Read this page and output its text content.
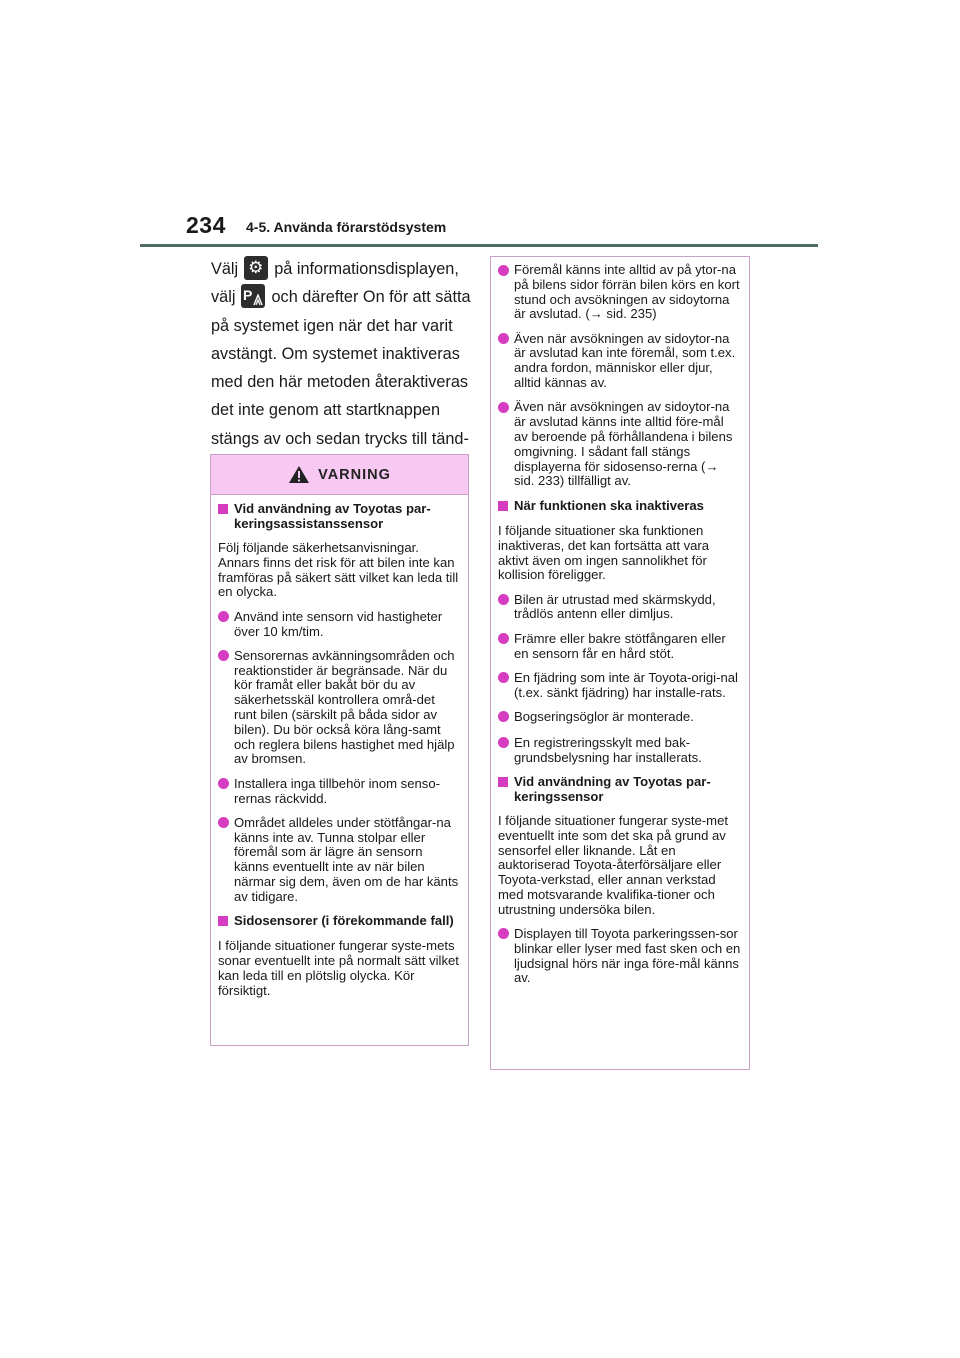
234 4-5. Använda förarstödsystem
Välj ⚙ på informationsdisplayen, välj P och därefter On för att sätta på systemet igen när det har varit avstängt. Om systemet inaktiveras med den här metoden återaktiveras det inte genom att startknappen stängs av och sedan trycks till tänd-
VARNING
Vid användning av Toyotas par-keringsassistanssensor
Följ följande säkerhetsanvisningar. Annars finns det risk för att bilen inte kan framföras på säkert sätt vilket kan leda till en olycka.
Använd inte sensorn vid hastigheter över 10 km/tim.
Sensorernas avkänningsområden och reaktionstider är begränsade. När du kör framåt eller bakåt bör du av säkerhetsskäl kontrollera områ-det runt bilen (särskilt på båda sidor av bilen). Du bör också köra lång-samt och reglera bilens hastighet med hjälp av bromsen.
Installera inga tillbehör inom senso-rernas räckvidd.
Området alldeles under stötfångar-na känns inte av. Tunna stolpar eller föremål som är lägre än sensorn känns eventuellt inte av när bilen närmar sig dem, även om de har känts av tidigare.
Sidosensorer (i förekommande fall)
I följande situationer fungerar syste-mets sonar eventuellt inte på normalt sätt vilket kan leda till en plötslig olycka. Kör försiktigt.
Föremål känns inte alltid av på ytor-na på bilens sidor förrän bilen körs en kort stund och avsökningen av sidoytorna är avslutad. (→ sid. 235)
Även när avsökningen av sidoytor-na är avslutad kan inte föremål, som t.ex. andra fordon, människor eller djur, alltid kännas av.
Även när avsökningen av sidoytor-na är avslutad känns inte alltid före-mål av beroende på förhållandena i bilens omgivning. I sådant fall stängs displayerna för sidosenso-rerna (→ sid. 233) tillfälligt av.
När funktionen ska inaktiveras
I följande situationer ska funktionen inaktiveras, det kan fortsätta att vara aktivt även om ingen sannolikhet för kollision föreligger.
Bilen är utrustad med skärmskydd, trådlös antenn eller dimljus.
Främre eller bakre stötfångaren eller en sensorn får en hård stöt.
En fjädring som inte är Toyota-origi-nal (t.ex. sänkt fjädring) har installe-rats.
Bogseringsöglor är monterade.
En registreringsskylt med bak-grundsbelysning har installerats.
Vid användning av Toyotas par-keringssensor
I följande situationer fungerar syste-met eventuellt inte som det ska på grund av sensorfel eller liknande. Låt en auktoriserad Toyota-återförsäljare eller Toyota-verkstad, eller annan verkstad med motsvarande kvalifika-tioner och utrustning undersöka bilen.
Displayen till Toyota parkeringssen-sor blinkar eller lyser med fast sken och en ljudsignal hörs när inga före-mål känns av.
